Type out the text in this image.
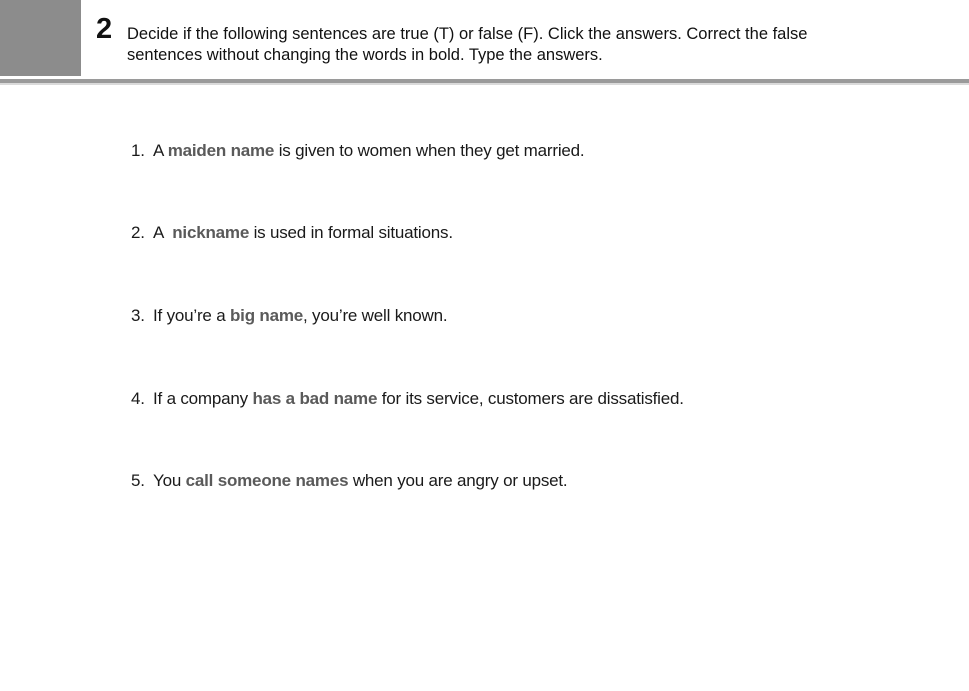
2 Decide if the following sentences are true (T) or false (F). Click the answers. Correct the false
sentences without changing the words in bold. Type the answers.
1. A maiden name is given to women when they get married.
2. A  nickname is used in formal situations.
3. If you’re a big name, you’re well known.
4. If a company has a bad name for its service, customers are dissatisfied.
5. You call someone names when you are angry or upset.
